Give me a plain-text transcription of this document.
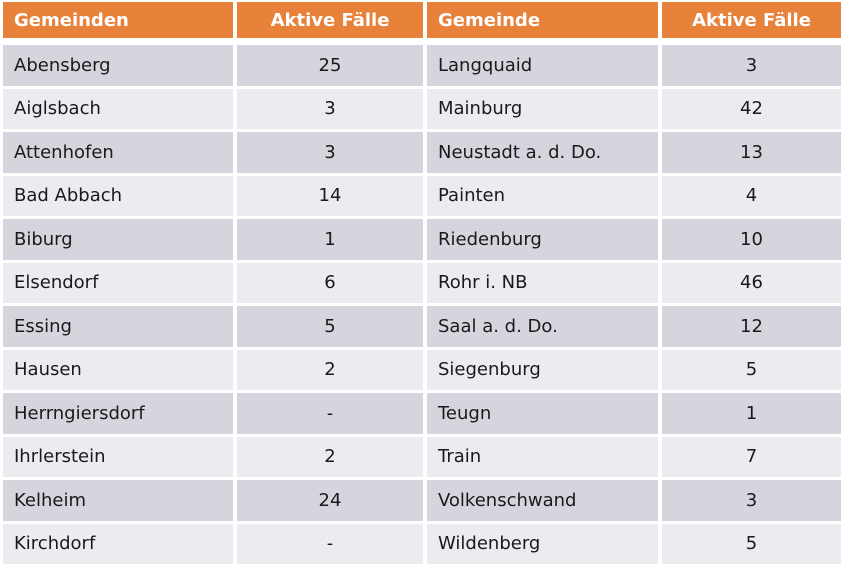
Gemeinden	Aktive Fälle	Gemeinde	Aktive Fälle
Abensberg	25	Langquaid	3
Aiglsbach	3	Mainburg	42
Attenhofen	3	Neustadt a. d. Do.	13
Bad Abbach	14	Painten	4
Biburg	1	Riedenburg	10
Elsendorf	6	Rohr i. NB	46
Essing	5	Saal a. d. Do.	12
Hausen	2	Siegenburg	5
Herrngiersdorf	-	Teugn	1
Ihrlerstein	2	Train	7
Kelheim	24	Volkenschwand	3
Kirchdorf	-	Wildenberg	5
